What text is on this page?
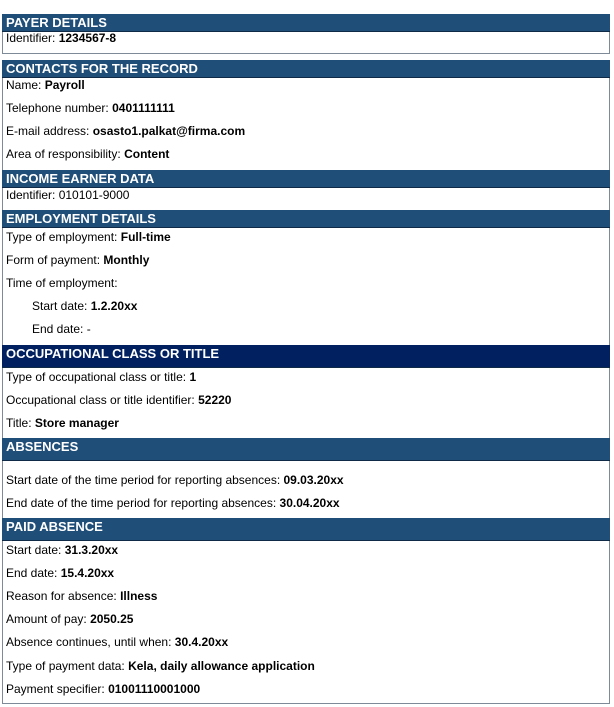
PAYER DETAILS
Identifier: 1234567-8
CONTACTS FOR THE RECORD
Name: Payroll
Telephone number: 0401111111
E-mail address: osasto1.palkat@firma.com
Area of responsibility: Content
INCOME EARNER DATA
Identifier: 010101-9000
EMPLOYMENT DETAILS
Type of employment: Full-time
Form of payment: Monthly
Time of employment:
Start date: 1.2.20xx
End date: -
OCCUPATIONAL CLASS OR TITLE
Type of occupational class or title: 1
Occupational class or title identifier: 52220
Title: Store manager
ABSENCES
Start date of the time period for reporting absences: 09.03.20xx
End date of the time period for reporting absences: 30.04.20xx
PAID ABSENCE
Start date: 31.3.20xx
End date: 15.4.20xx
Reason for absence: Illness
Amount of pay: 2050.25
Absence continues, until when: 30.4.20xx
Type of payment data: Kela, daily allowance application
Payment specifier: 01001110001000
